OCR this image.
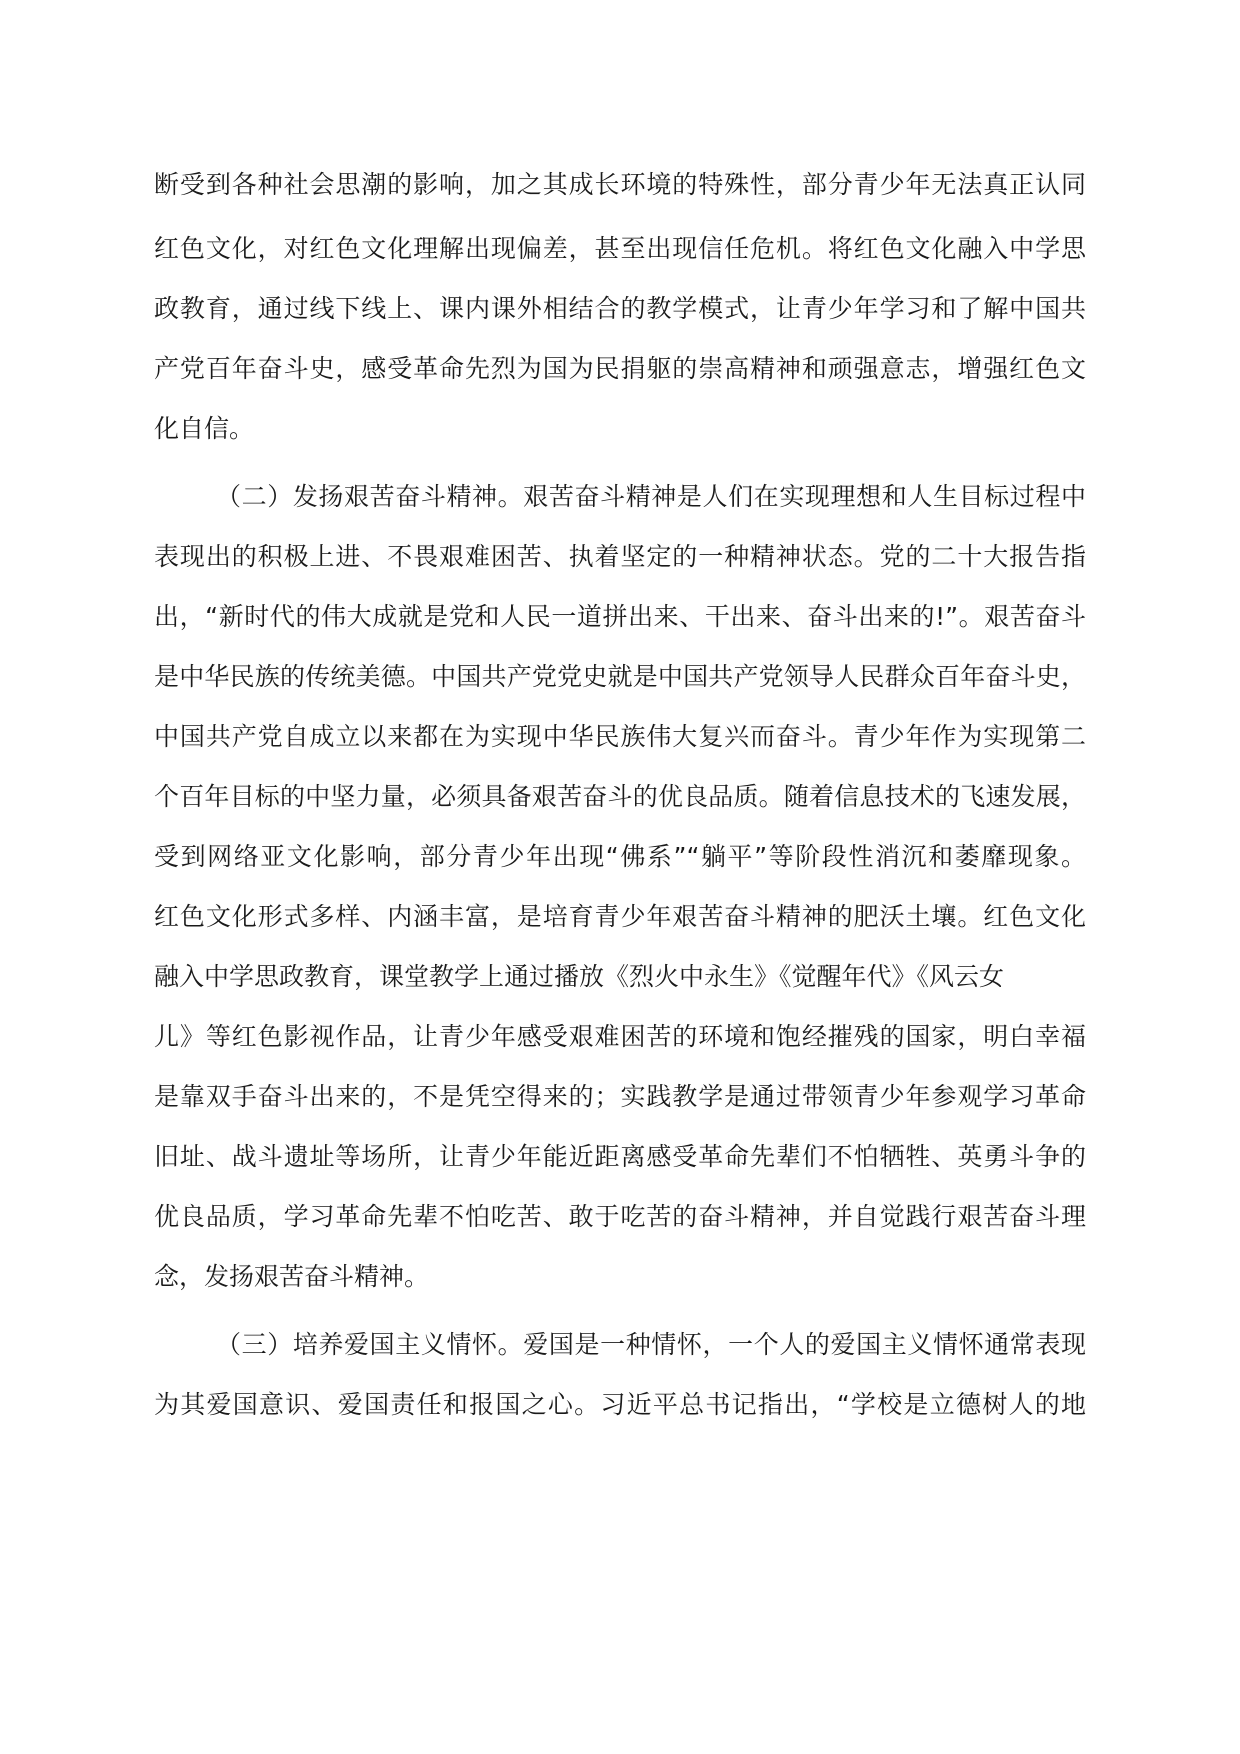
断受到各种社会思潮的影响，加之其成长环境的特殊性，部分青少年无法真正认同
红色文化，对红色文化理解出现偏差，甚至出现信任危机。将红色文化融入中学思
政教育，通过线下线上、课内课外相结合的教学模式，让青少年学习和了解中国共
产党百年奋斗史，感受革命先烈为国为民捐躯的崇高精神和顽强意志，增强红色文
化自信。
（二）发扬艰苦奋斗精神。艰苦奋斗精神是人们在实现理想和人生目标过程中
表现出的积极上进、不畏艰难困苦、执着坚定的一种精神状态。党的二十大报告指
出，“新时代的伟大成就是党和人民一道拼出来、干出来、奋斗出来的!”。艰苦奋斗
是中华民族的传统美德。中国共产党党史就是中国共产党领导人民群众百年奋斗史，
中国共产党自成立以来都在为实现中华民族伟大复兴而奋斗。青少年作为实现第二
个百年目标的中坚力量，必须具备艰苦奋斗的优良品质。随着信息技术的飞速发展，
受到网络亚文化影响，部分青少年出现“佛系”“躺平”等阶段性消沉和萎靡现象。
红色文化形式多样、内涵丰富，是培育青少年艰苦奋斗精神的肥沃土壤。红色文化
融入中学思政教育，课堂教学上通过播放《烈火中永生》《觉醒年代》《风云女
儿》等红色影视作品，让青少年感受艰难困苦的环境和饱经摧残的国家，明白幸福
是靠双手奋斗出来的，不是凭空得来的；实践教学是通过带领青少年参观学习革命
旧址、战斗遗址等场所，让青少年能近距离感受革命先辈们不怕牺牲、英勇斗争的
优良品质，学习革命先辈不怕吃苦、敢于吃苦的奋斗精神，并自觉践行艰苦奋斗理
念，发扬艰苦奋斗精神。
（三）培养爱国主义情怀。爱国是一种情怀，一个人的爱国主义情怀通常表现
为其爱国意识、爱国责任和报国之心。习近平总书记指出，“学校是立德树人的地
